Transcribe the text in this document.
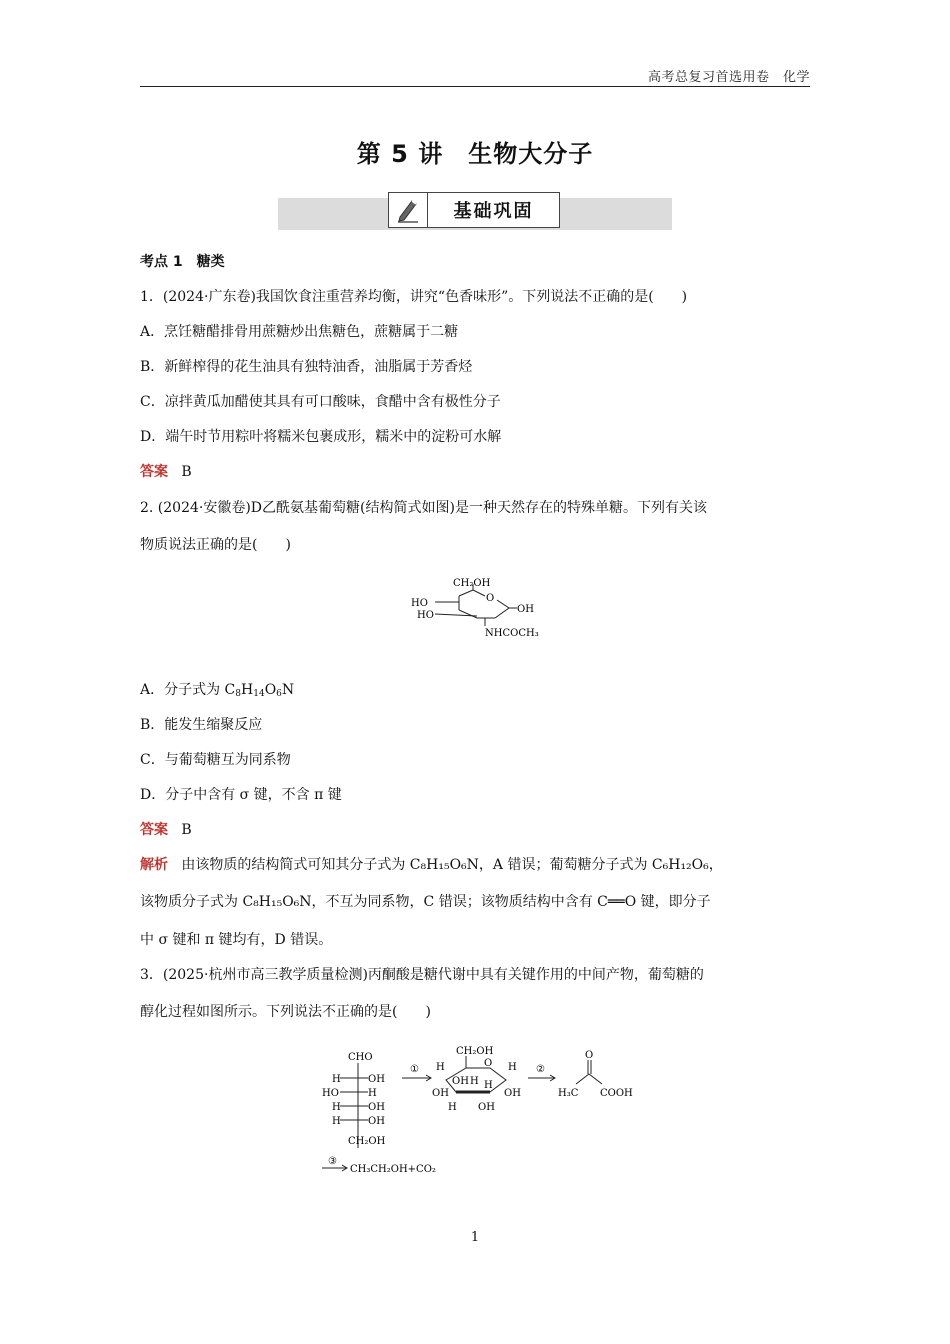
高考总复习首选用卷　化学
第 5 讲　生物大分子
基础巩固
考点 1　糖类
1．(2024·广东卷)我国饮食注重营养均衡，讲究“色香味形”。下列说法不正确的是(　　)
A．烹饪糖醋排骨用蔗糖炒出焦糖色，蔗糖属于二糖
B．新鲜榨得的花生油具有独特油香，油脂属于芳香烃
C．凉拌黄瓜加醋使其具有可口酸味，食醋中含有极性分子
D．端午时节用粽叶将糯米包裹成形，糯米中的淀粉可水解
答案 B
2. (2024·安徽卷)D乙酰氨基葡萄糖(结构简式如图)是一种天然存在的特殊单糖。下列有关该
物质说法正确的是(　　)
CH₂OH
O
OH
HO
HO
NHCOCH₃
A．分子式为 $C_8H_{14}O_6N$
B．能发生缩聚反应
C．与葡萄糖互为同系物
D．分子中含有 σ 键，不含 π 键
答案 B
解析 由该物质的结构简式可知其分子式为 C₈H₁₅O₆N，A 错误；葡萄糖分子式为 C₆H₁₂O₆，
该物质分子式为 C₈H₁₅O₆N，不互为同系物，C 错误；该物质结构中含有 C══O 键，即分子
中 σ 键和 π 键均有，D 错误。
3．(2025·杭州市高三教学质量检测)丙酮酸是糖代谢中具有关键作用的中间产物，葡萄糖的
醇化过程如图所示。下列说法不正确的是(　　)
CHO
H	OH
HO	H
H	OH
H	OH
CH₂OH
①
CH₂OH
O
H	H
OH H
H
OH	OH
H OH
②
O
H₃C COOH
③
CH₃CH₂OH+CO₂
1
